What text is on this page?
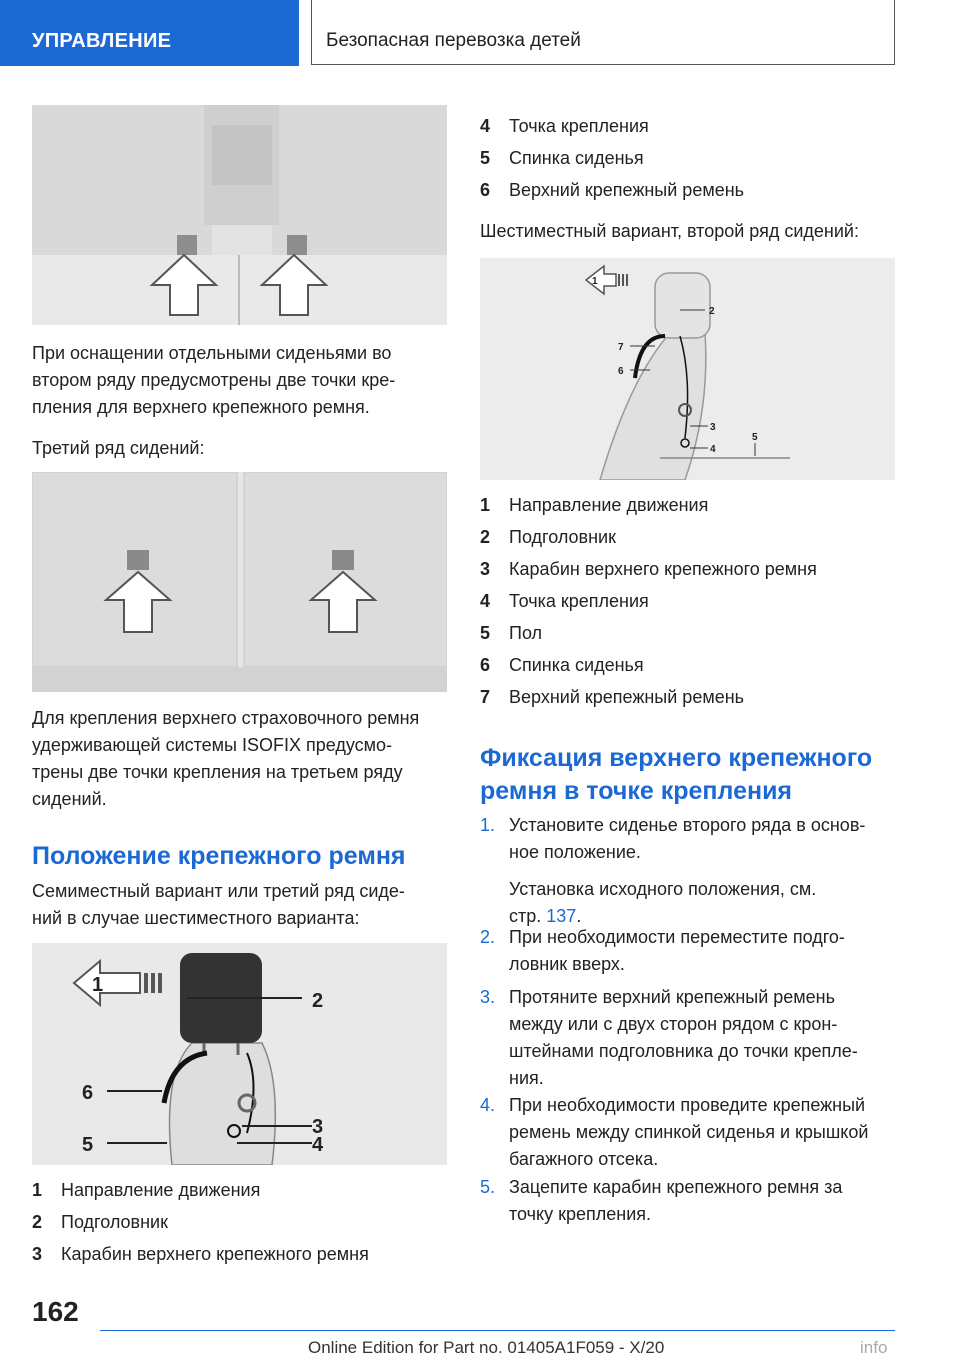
УПРАВЛЕНИЕ	Безопасная перевозка детей
При оснащении отдельными сиденьями во
втором ряду предусмотрены две точки кре-
пления для верхнего крепежного ремня.
Третий ряд сидений:
Для крепления верхнего страховочного ремня
удерживающей системы ISOFIX предусмо-
трены две точки крепления на третьем ряду
сидений.
Положение крепежного ремня
Семиместный вариант или третий ряд сиде-
ний в случае шестиместного варианта:
1
2
6
3
5	4
1 Направление движения
2 Подголовник
3 Карабин верхнего крепежного ремня
4 Точка крепления
5 Спинка сиденья
6 Верхний крепежный ремень
Шестиместный вариант, второй ряд сидений:
1
2
7
6
3
4
5
1 Направление движения
2 Подголовник
3 Карабин верхнего крепежного ремня
4 Точка крепления
5 Пол
6 Спинка сиденья
7 Верхний крепежный ремень
Фиксация верхнего крепежного
ремня в точке крепления
1. Установите сиденье второго ряда в основ-
ное положение.
Установка исходного положения, см.
стр. 137.
2. При необходимости переместите подго-
ловник вверх.
3. Протяните верхний крепежный ремень
между или с двух сторон рядом с крон-
штейнами подголовника до точки крепле-
ния.
4. При необходимости проведите крепежный
ремень между спинкой сиденья и крышкой
багажного отсека.
5. Зацепите карабин крепежного ремня за
точку крепления.
162
Online Edition for Part no. 01405A1F059 - X/20	info
